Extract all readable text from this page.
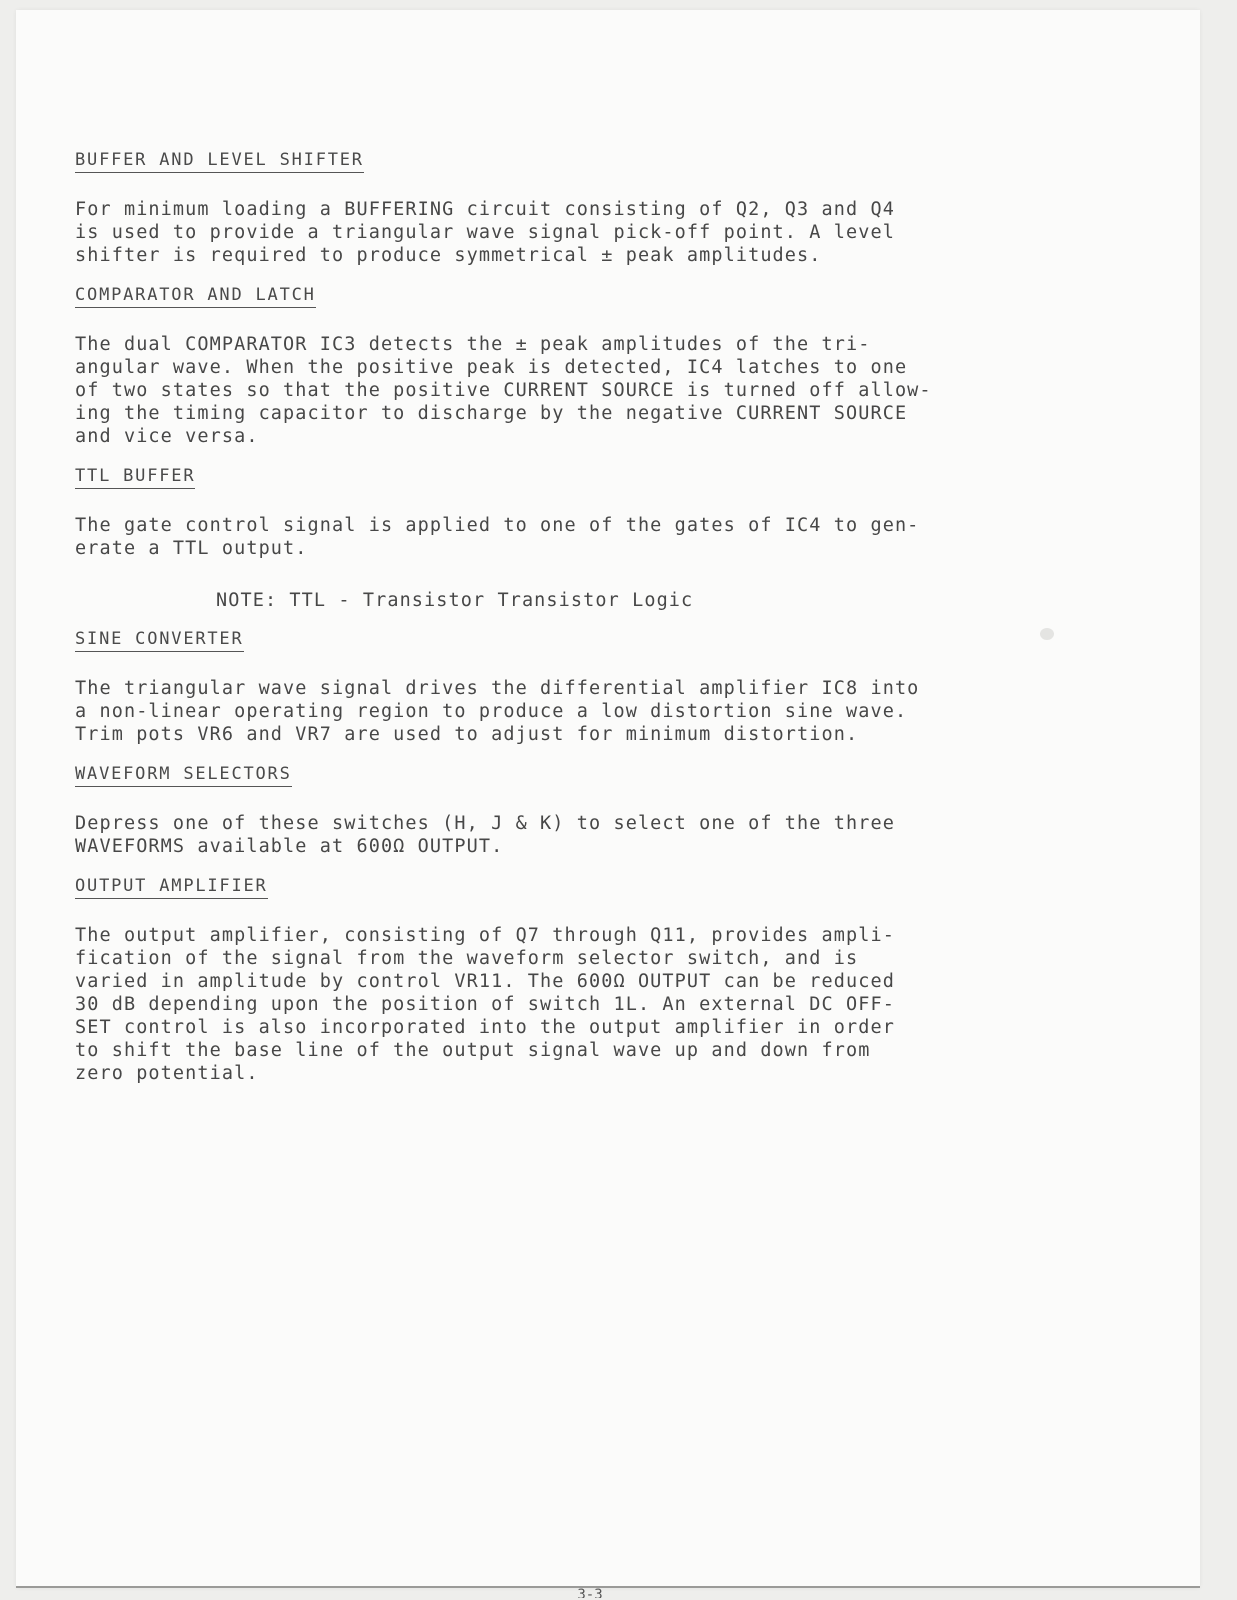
BUFFER AND LEVEL SHIFTER

For minimum loading a BUFFERING circuit consisting of Q2, Q3 and Q4
is used to provide a triangular wave signal pick-off point. A level
shifter is required to produce symmetrical ± peak amplitudes.

COMPARATOR AND LATCH

The dual COMPARATOR IC3 detects the ± peak amplitudes of the tri-
angular wave. When the positive peak is detected, IC4 latches to one
of two states so that the positive CURRENT SOURCE is turned off allow-
ing the timing capacitor to discharge by the negative CURRENT SOURCE
and vice versa.

TTL BUFFER

The gate control signal is applied to one of the gates of IC4 to gen-
erate a TTL output.

NOTE: TTL - Transistor Transistor Logic
SINE CONVERTER

The triangular wave signal drives the differential amplifier IC8 into
a non-linear operating region to produce a low distortion sine wave.
Trim pots VR6 and VR7 are used to adjust for minimum distortion.

WAVEFORM SELECTORS

Depress one of these switches (H, J & K) to select one of the three
WAVEFORMS available at 600Ω OUTPUT.

OUTPUT AMPLIFIER

The output amplifier, consisting of Q7 through Q11, provides ampli-
fication of the signal from the waveform selector switch, and is
varied in amplitude by control VR11. The 600Ω OUTPUT can be reduced
30 dB depending upon the position of switch 1L. An external DC OFF-
SET control is also incorporated into the output amplifier in order
to shift the base line of the output signal wave up and down from
zero potential.

3-3
